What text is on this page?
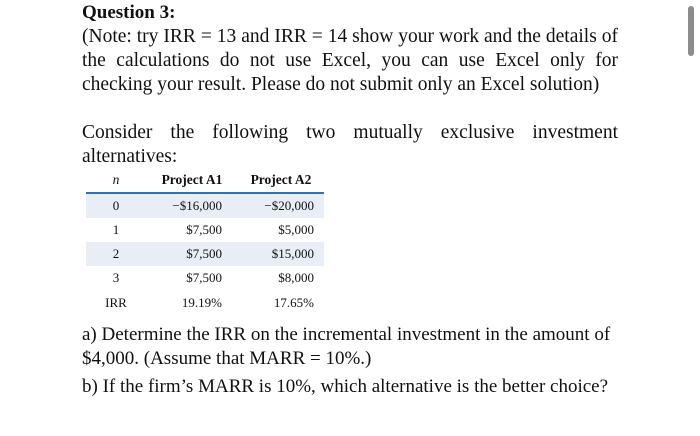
Question 3:

(Note: try IRR = 13 and IRR = 14 show your work and the details of the calculations do not use Excel, you can use Excel only for checking your result. Please do not submit only an Excel solution)

Consider the following two mutually exclusive investment alternatives:

n	Project A1	Project A2
0	−$16,000	−$20,000
1	$7,500	$5,000
2	$7,500	$15,000
3	$7,500	$8,000
IRR	19.19%	17.65%

a) Determine the IRR on the incremental investment in the amount of $4,000. (Assume that MARR = 10%.)

b) If the firm’s MARR is 10%, which alternative is the better choice?
